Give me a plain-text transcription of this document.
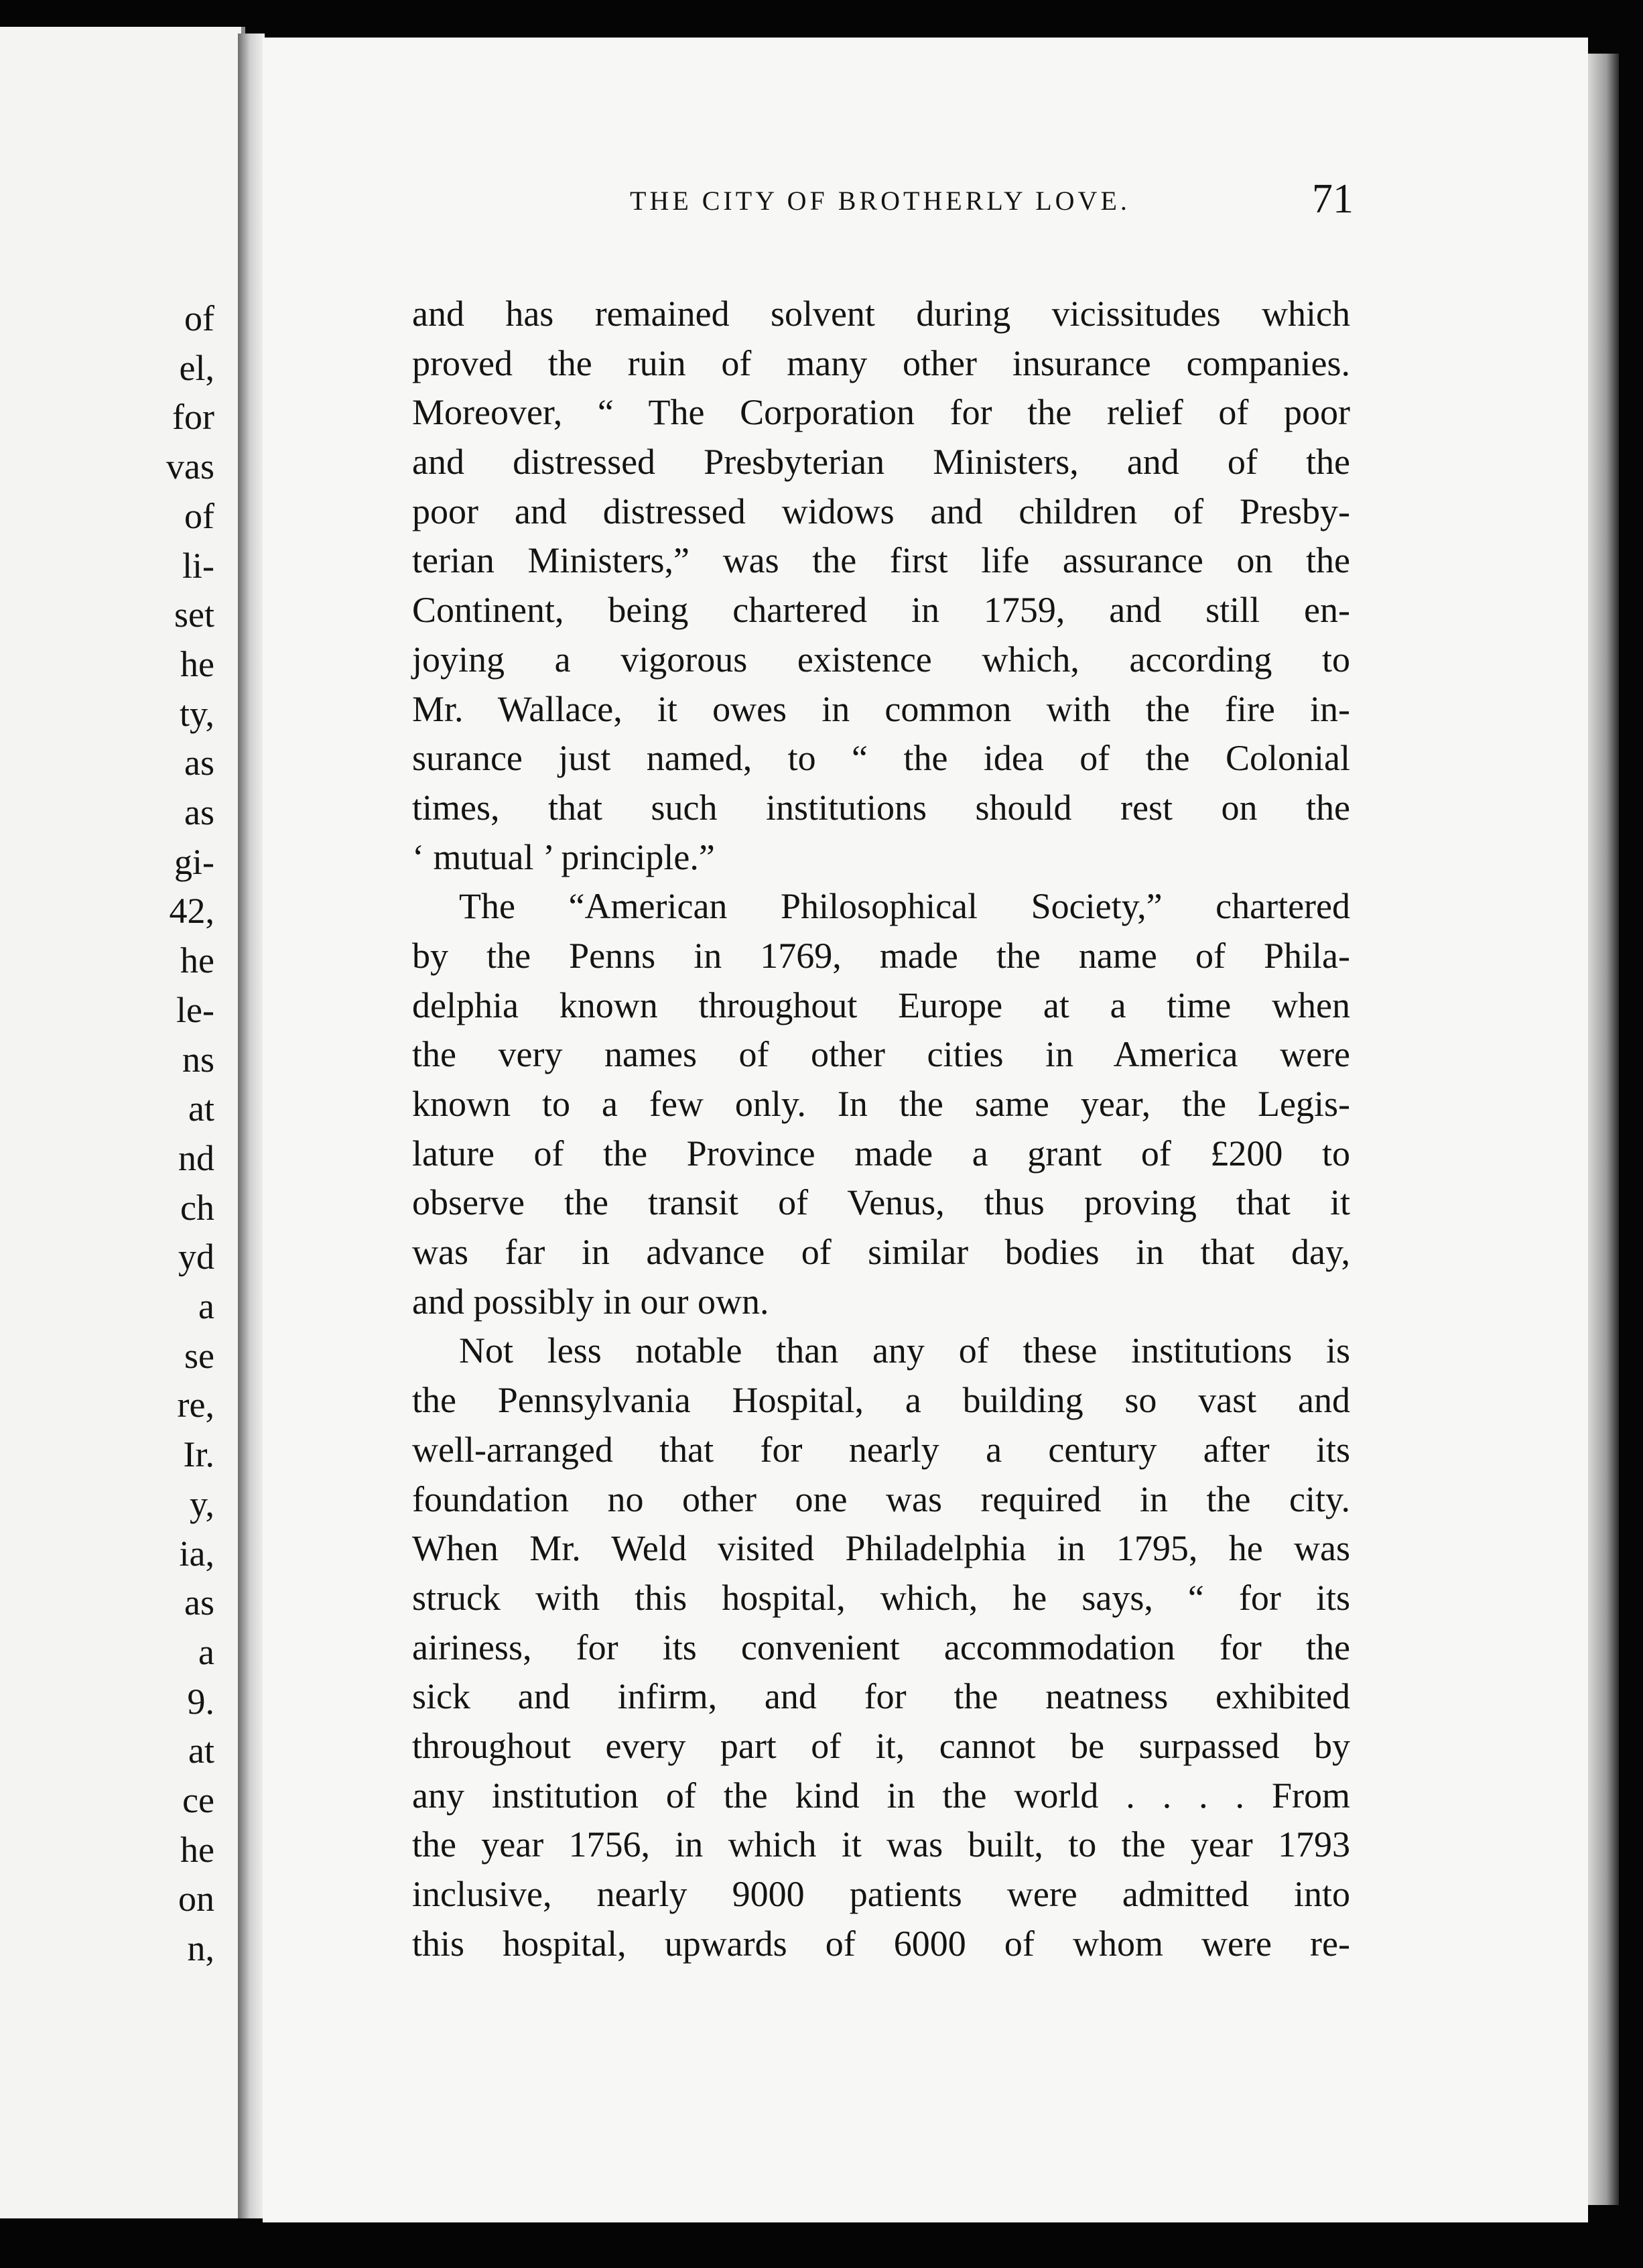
of
el,
for
vas
of
li-
set
he
ty,
as
as
gi-
42,
he
le-
ns
at
nd
ch
yd
a
se
re,
Ir.
y,
ia,
as
a
9.
at
ce
he
on
n,
THE CITY OF BROTHERLY LOVE.	71
and has remained solvent during vicissitudes which
proved the ruin of many other insurance companies.
Moreover, “ The Corporation for the relief of poor
and distressed Presbyterian Ministers, and of the
poor and distressed widows and children of Presby-
terian Ministers,” was the first life assurance on the
Continent, being chartered in 1759, and still en-
joying a vigorous existence which, according to
Mr. Wallace, it owes in common with the fire in-
surance just named, to “ the idea of the Colonial
times, that such institutions should rest on the
‘ mutual ’ principle.”
The “American Philosophical Society,” chartered
by the Penns in 1769, made the name of Phila-
delphia known throughout Europe at a time when
the very names of other cities in America were
known to a few only. In the same year, the Legis-
lature of the Province made a grant of £200 to
observe the transit of Venus, thus proving that it
was far in advance of similar bodies in that day,
and possibly in our own.
Not less notable than any of these institutions is
the Pennsylvania Hospital, a building so vast and
well-arranged that for nearly a century after its
foundation no other one was required in the city.
When Mr. Weld visited Philadelphia in 1795, he was
struck with this hospital, which, he says, “ for its
airiness, for its convenient accommodation for the
sick and infirm, and for the neatness exhibited
throughout every part of it, cannot be surpassed by
any institution of the kind in the world . . . . From
the year 1756, in which it was built, to the year 1793
inclusive, nearly 9000 patients were admitted into
this hospital, upwards of 6000 of whom were re-
